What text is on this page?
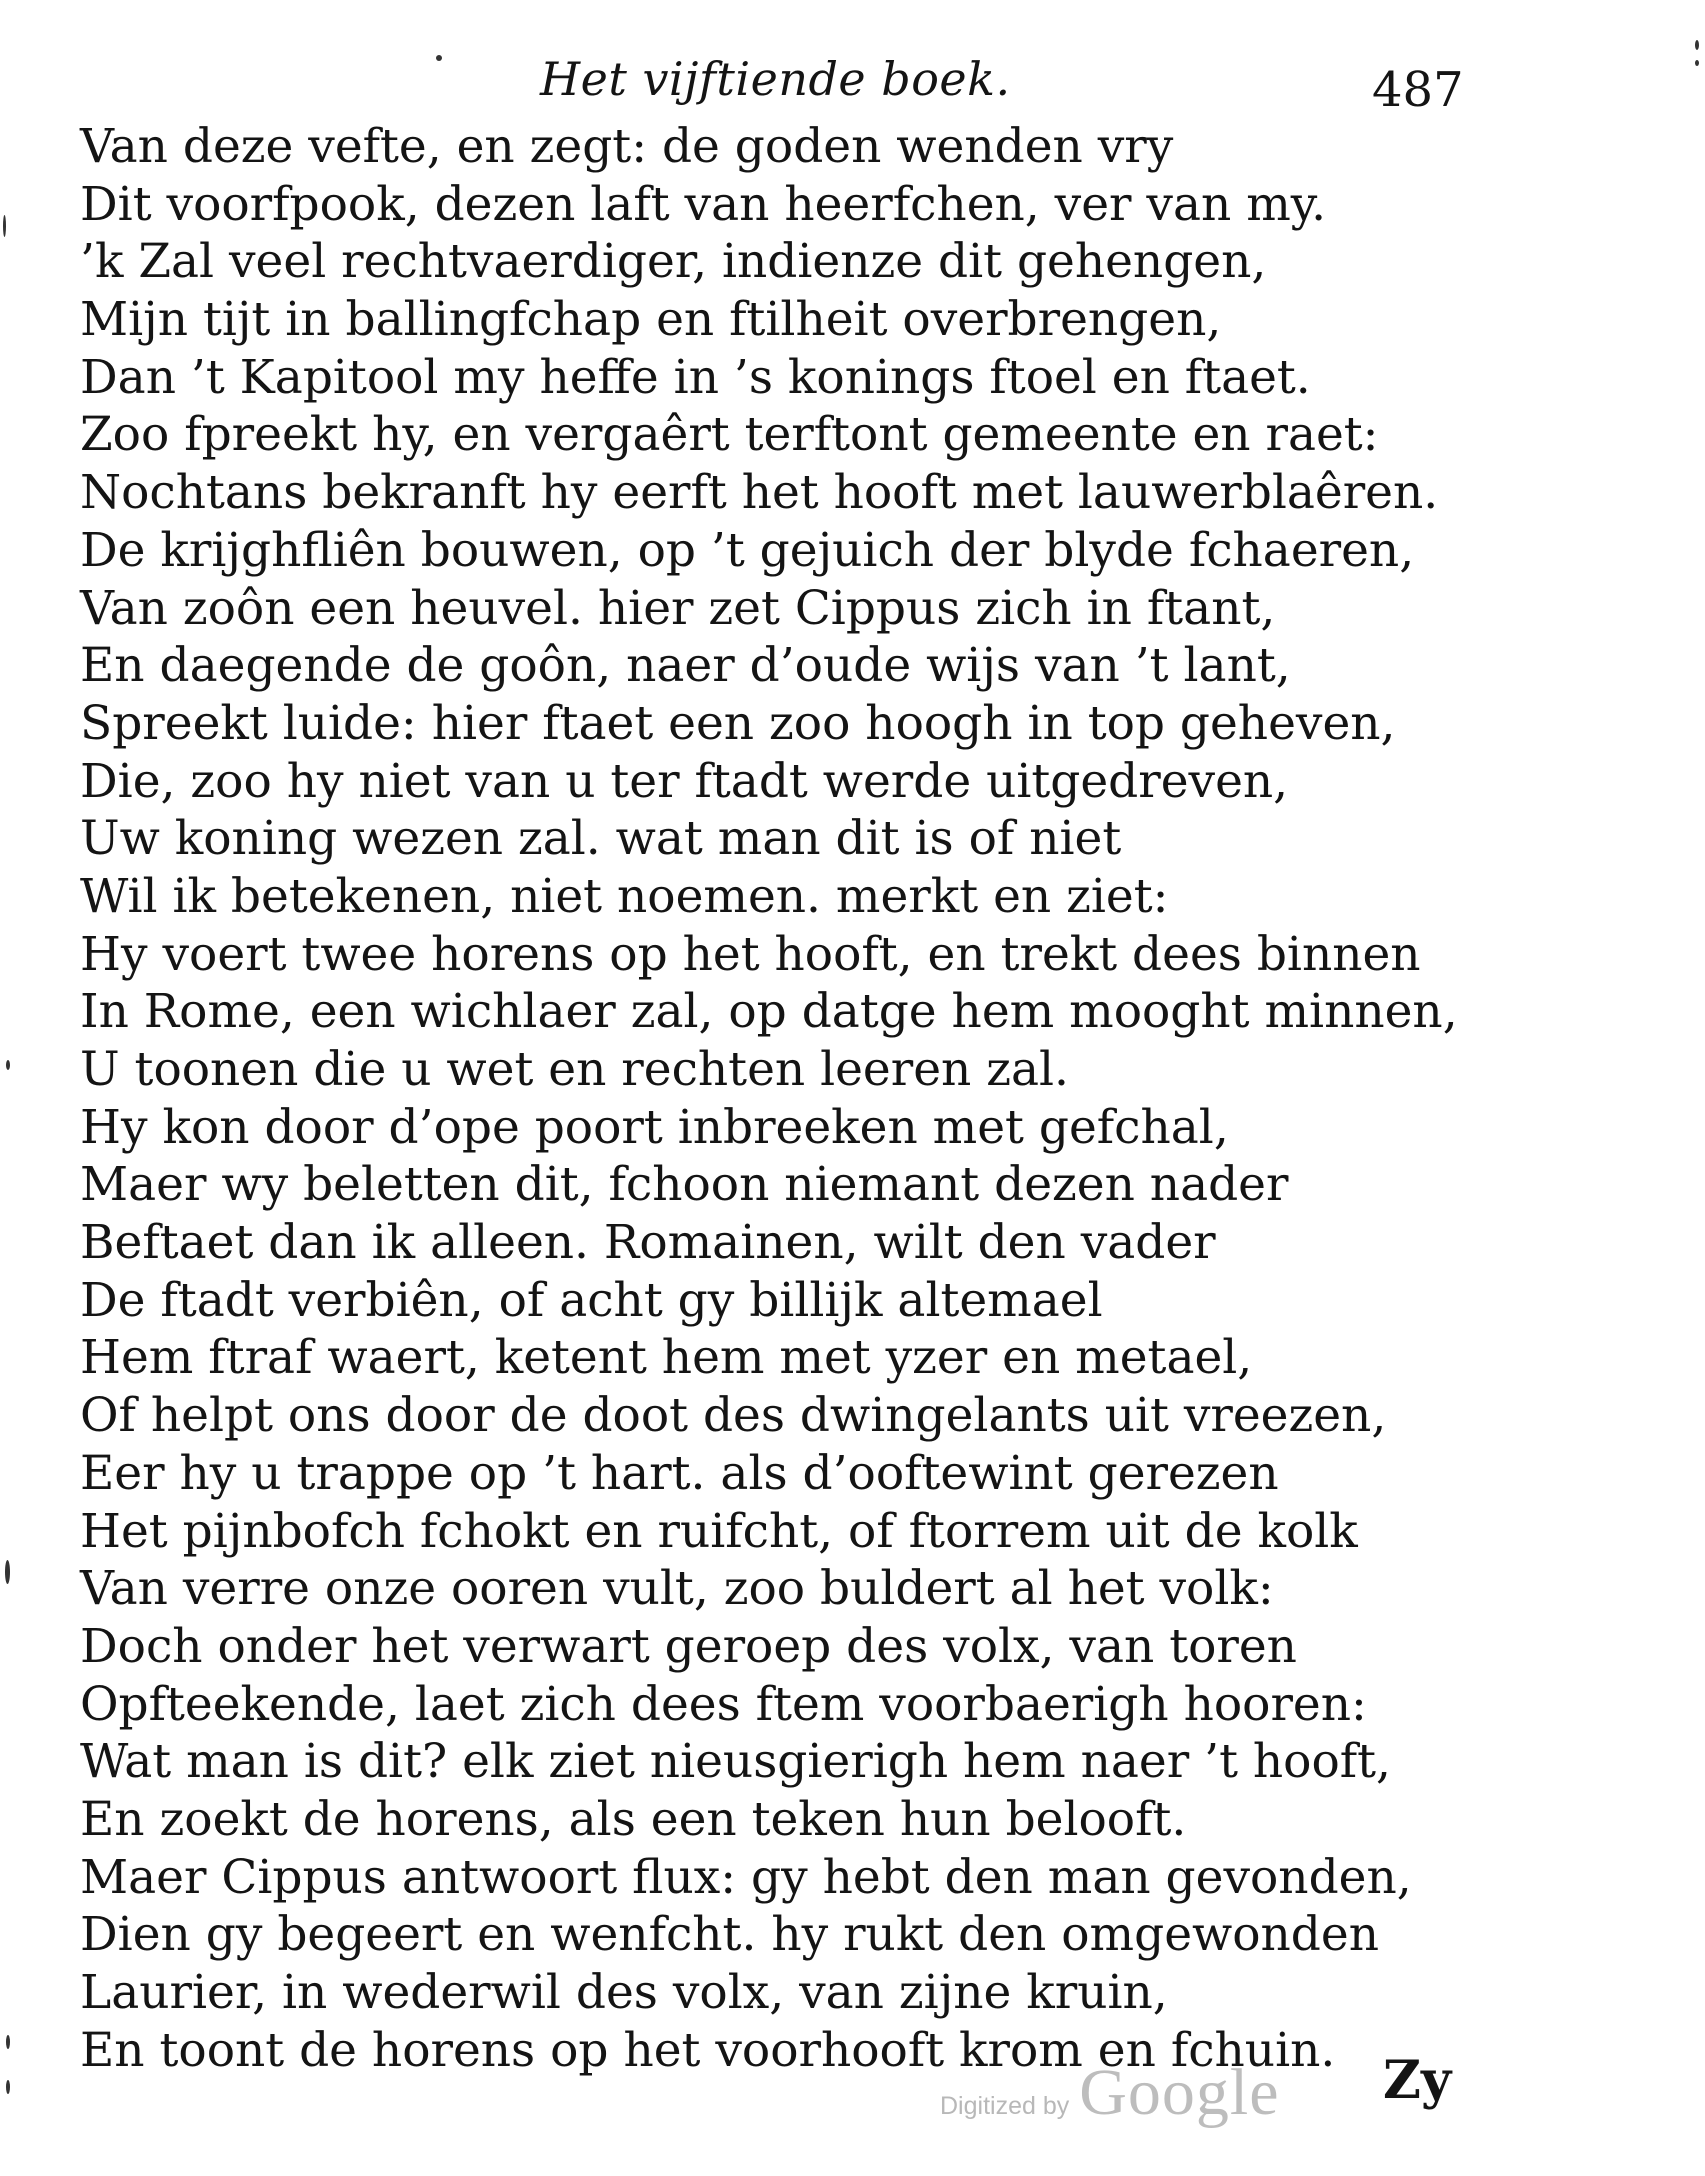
Het vijftiende boek.	487
Van deze vefte, en zegt: de goden wenden vry
Dit voorfpook, dezen laft van heerfchen, ver van my.
’k Zal veel rechtvaerdiger, indienze dit gehengen,
Mijn tijt in ballingfchap en ftilheit overbrengen,
Dan ’t Kapitool my heffe in ’s konings ftoel en ftaet.
Zoo fpreekt hy, en vergaêrt terftont gemeente en raet:
Nochtans bekranft hy eerft het hooft met lauwerblaêren.
De krijghfliên bouwen, op ’t gejuich der blyde fchaeren,
Van zoôn een heuvel. hier zet Cippus zich in ftant,
En daegende de goôn, naer d’oude wijs van ’t lant,
Spreekt luide: hier ftaet een zoo hoogh in top geheven,
Die, zoo hy niet van u ter ftadt werde uitgedreven,
Uw koning wezen zal. wat man dit is of niet
Wil ik betekenen, niet noemen. merkt en ziet:
Hy voert twee horens op het hooft, en trekt dees binnen
In Rome, een wichlaer zal, op datge hem mooght minnen,
U toonen die u wet en rechten leeren zal.
Hy kon door d’ope poort inbreeken met gefchal,
Maer wy beletten dit, fchoon niemant dezen nader
Beftaet dan ik alleen. Romainen, wilt den vader
De ftadt verbiên, of acht gy billijk altemael
Hem ftraf waert, ketent hem met yzer en metael,
Of helpt ons door de doot des dwingelants uit vreezen,
Eer hy u trappe op ’t hart. als d’ooftewint gerezen
Het pijnbofch fchokt en ruifcht, of ftorrem uit de kolk
Van verre onze ooren vult, zoo buldert al het volk:
Doch onder het verwart geroep des volx, van toren
Opfteekende, laet zich dees ftem voorbaerigh hooren:
Wat man is dit? elk ziet nieusgierigh hem naer ’t hooft,
En zoekt de horens, als een teken hun belooft.
Maer Cippus antwoort flux: gy hebt den man gevonden,
Dien gy begeert en wenfcht. hy rukt den omgewonden
Laurier, in wederwil des volx, van zijne kruin,
En toont de horens op het voorhooft krom en fchuin.
Digitized by Google Zy
